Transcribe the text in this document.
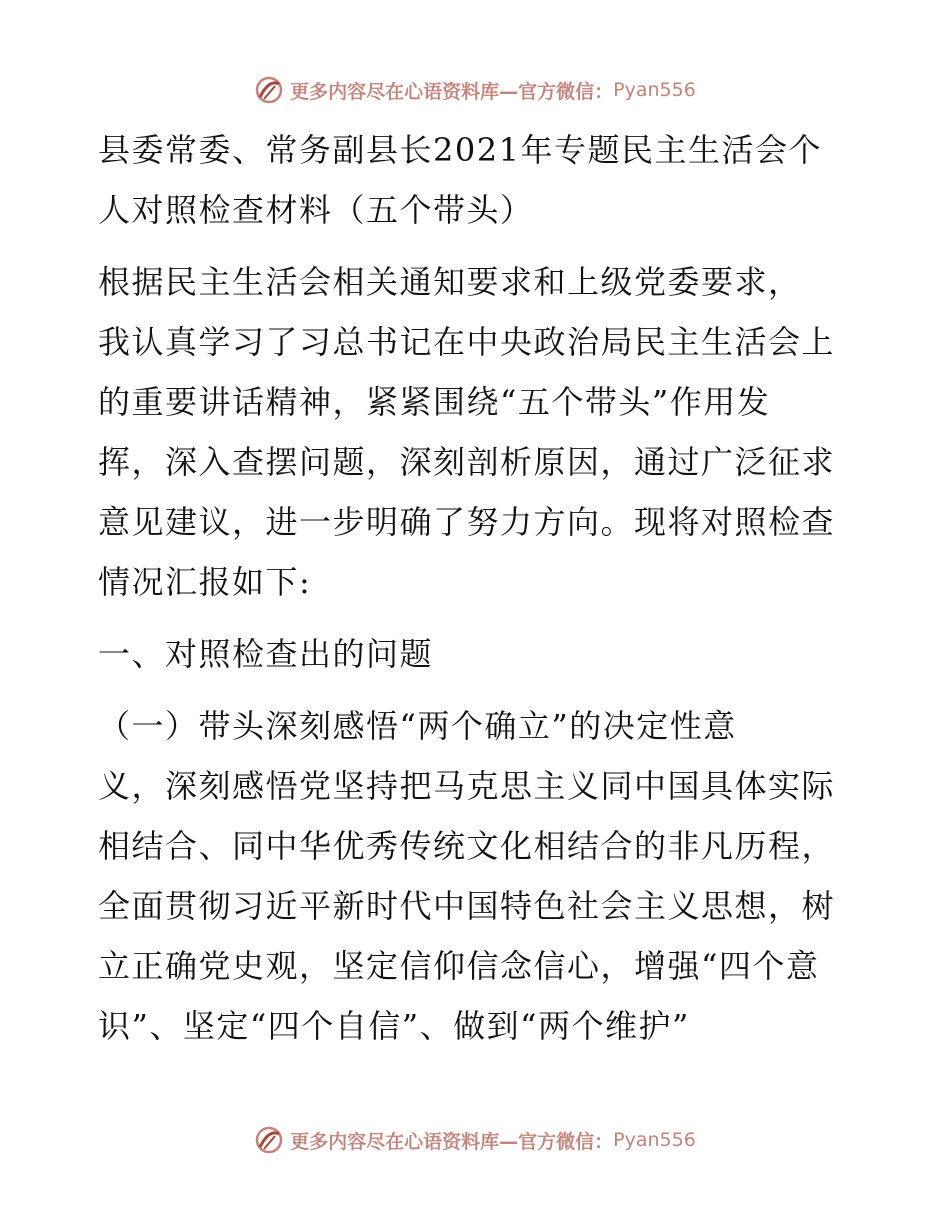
更多内容尽在心语资料库—官方微信： Pyan556
县委常委、常务副县长2021年专题民主生活会个
人对照检查材料（五个带头）
根据民主生活会相关通知要求和上级党委要求，
我认真学习了习总书记在中央政治局民主生活会上
的重要讲话精神，紧紧围绕“五个带头”作用发
挥，深入查摆问题，深刻剖析原因，通过广泛征求
意见建议，进一步明确了努力方向。现将对照检查
情况汇报如下:
一、对照检查出的问题
（一）带头深刻感悟“两个确立”的决定性意
义，深刻感悟党坚持把马克思主义同中国具体实际
相结合、同中华优秀传统文化相结合的非凡历程，
全面贯彻习近平新时代中国特色社会主义思想，树
立正确党史观，坚定信仰信念信心，增强“四个意
识”、坚定“四个自信”、做到“两个维护”
更多内容尽在心语资料库—官方微信： Pyan556
